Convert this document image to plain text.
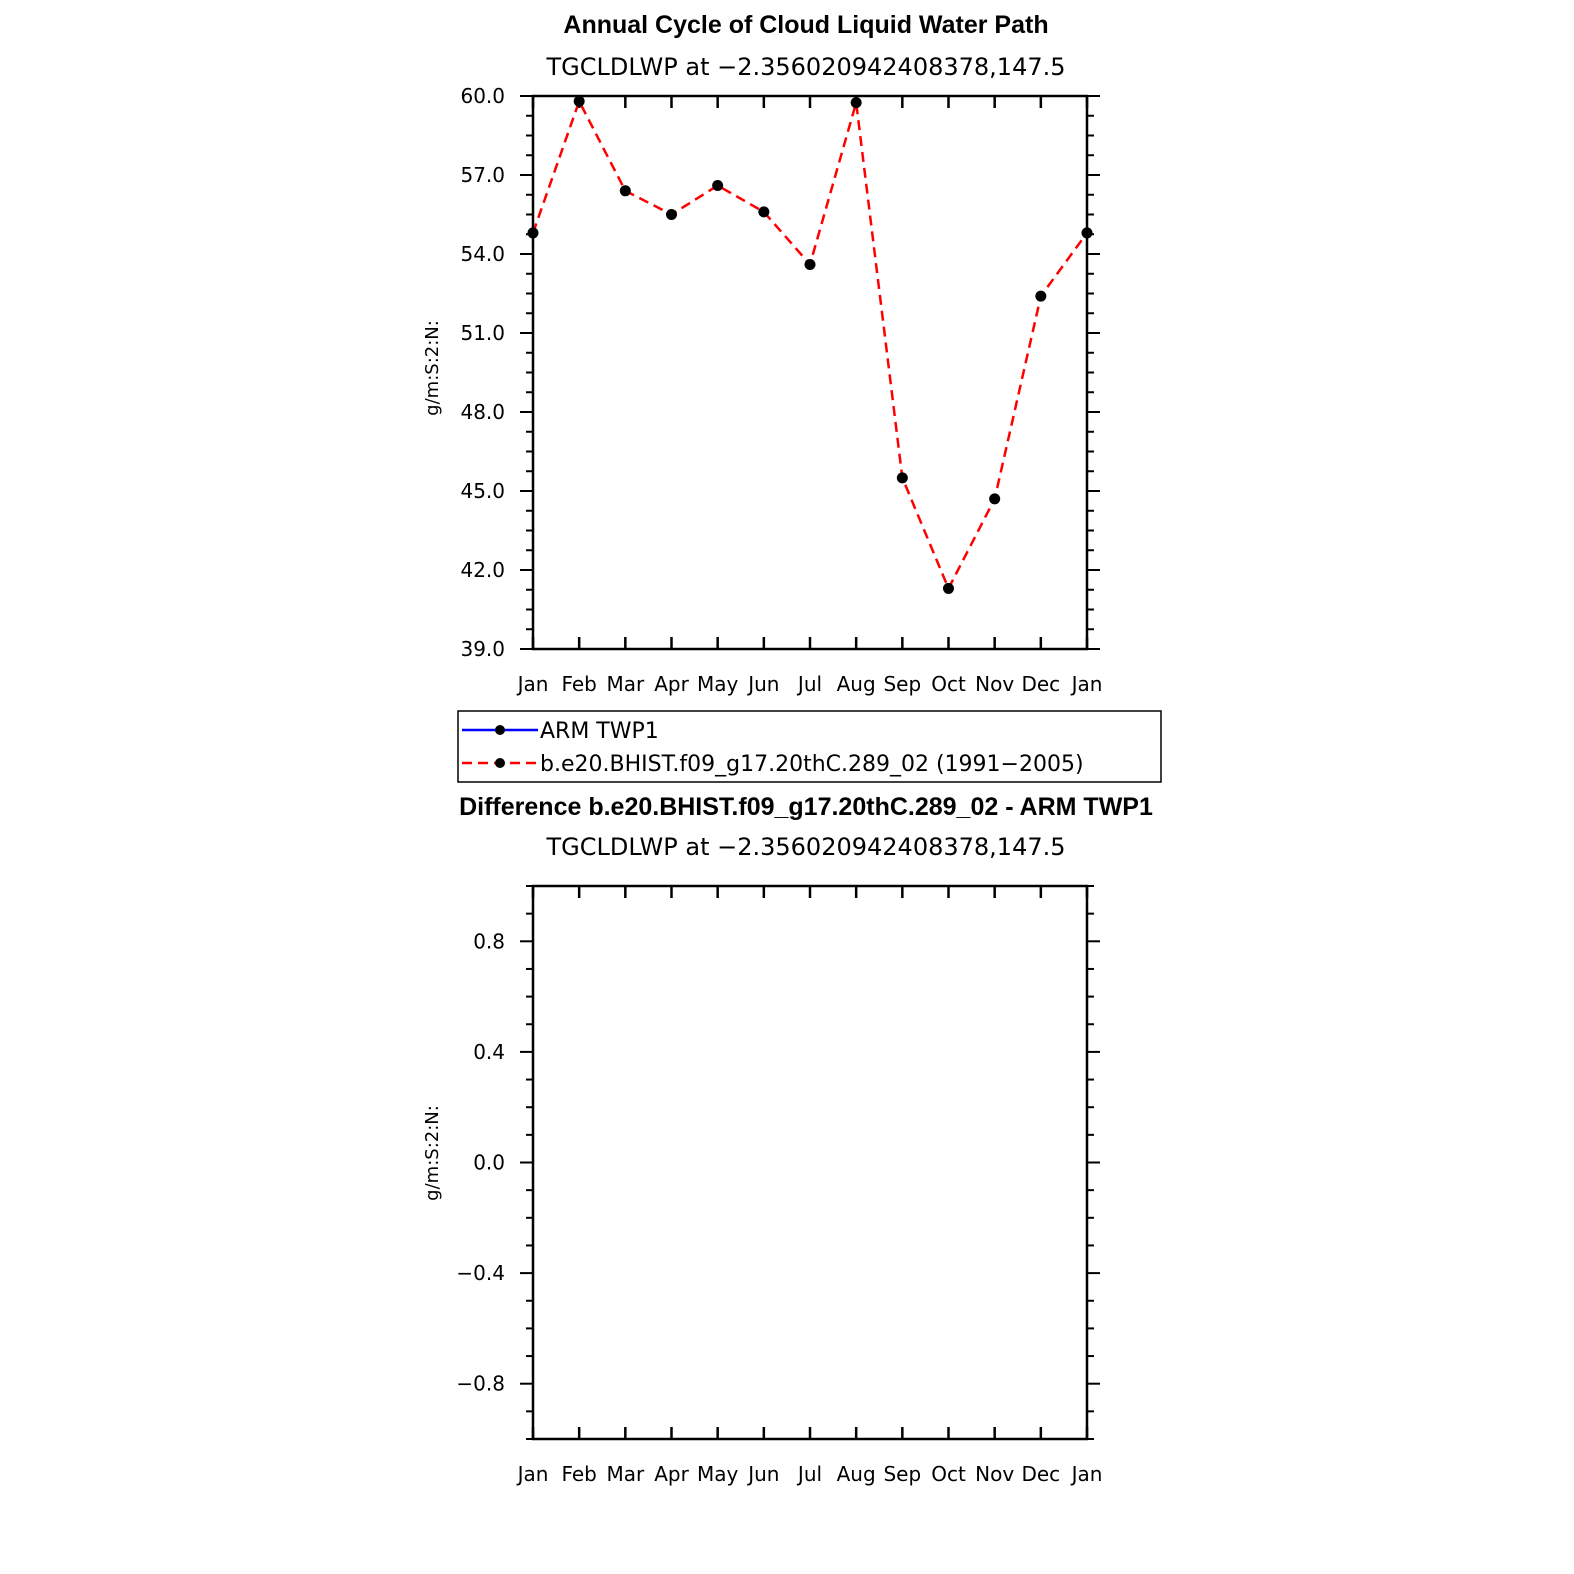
Annual Cycle of Cloud Liquid Water Path
TGCLDLWP at −2.356020942408378,147.5
g/m:S:2:N:
Jan Feb Mar Apr May Jun Jul Aug Sep Oct Nov Dec Jan
39.0
42.0
45.0
48.0
51.0
54.0
57.0
60.0
ARM TWP1
b.e20.BHIST.f09_g17.20thC.289_02 (1991−2005)
Difference b.e20.BHIST.f09_g17.20thC.289_02 - ARM TWP1
TGCLDLWP at −2.356020942408378,147.5
g/m:S:2:N:
Jan Feb Mar Apr May Jun Jul Aug Sep Oct Nov Dec Jan
−0.8
−0.4
0.0
0.4
0.8
